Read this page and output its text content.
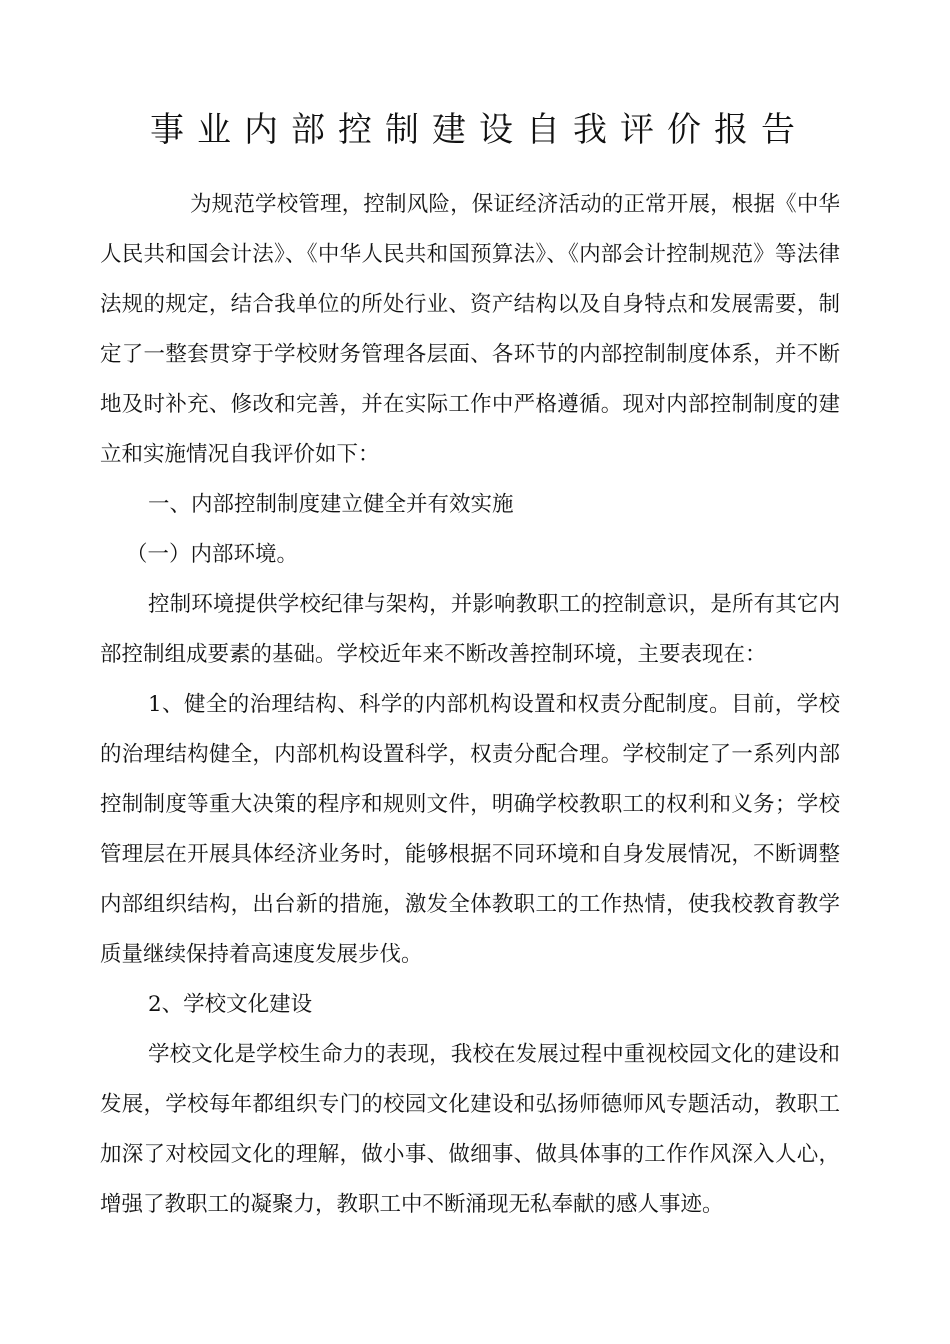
事业内部控制建设自我评价报告

为规范学校管理，控制风险，保证经济活动的正常开展，根据《中华人民共和国会计法》、《中华人民共和国预算法》、《内部会计控制规范》等法律法规的规定，结合我单位的所处行业、资产结构以及自身特点和发展需要，制定了一整套贯穿于学校财务管理各层面、各环节的内部控制制度体系，并不断地及时补充、修改和完善，并在实际工作中严格遵循。现对内部控制制度的建立和实施情况自我评价如下：

一、内部控制制度建立健全并有效实施

（一）内部环境。

控制环境提供学校纪律与架构，并影响教职工的控制意识，是所有其它内部控制组成要素的基础。学校近年来不断改善控制环境，主要表现在：

1、健全的治理结构、科学的内部机构设置和权责分配制度。目前，学校的治理结构健全，内部机构设置科学，权责分配合理。学校制定了一系列内部控制制度等重大决策的程序和规则文件，明确学校教职工的权利和义务；学校管理层在开展具体经济业务时，能够根据不同环境和自身发展情况，不断调整内部组织结构，出台新的措施，激发全体教职工的工作热情，使我校教育教学质量继续保持着高速度发展步伐。

2、学校文化建设

学校文化是学校生命力的表现，我校在发展过程中重视校园文化的建设和发展，学校每年都组织专门的校园文化建设和弘扬师德师风专题活动，教职工加深了对校园文化的理解，做小事、做细事、做具体事的工作作风深入人心，增强了教职工的凝聚力，教职工中不断涌现无私奉献的感人事迹。
